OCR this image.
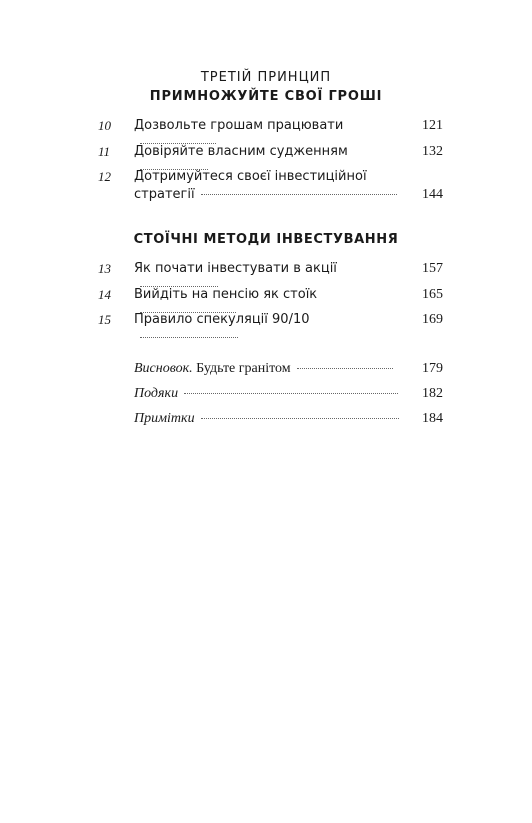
ТРЕТІЙ ПРИНЦИП
ПРИМНОЖУЙТЕ СВОЇ ГРОШІ
10	Дозвольте грошам працювати	121
11	Довіряйте власним судженням	132
12	Дотримуйтеся своєї інвестиційної
стратегії	144
СТОЇЧНІ МЕТОДИ ІНВЕСТУВАННЯ
13	Як почати інвестувати в акції	157
14	Вийдіть на пенсію як стоїк	165
15	Правило спекуляції 90/10	169
Висновок. Будьте гранітом	179
Подяки	182
Примітки	184
